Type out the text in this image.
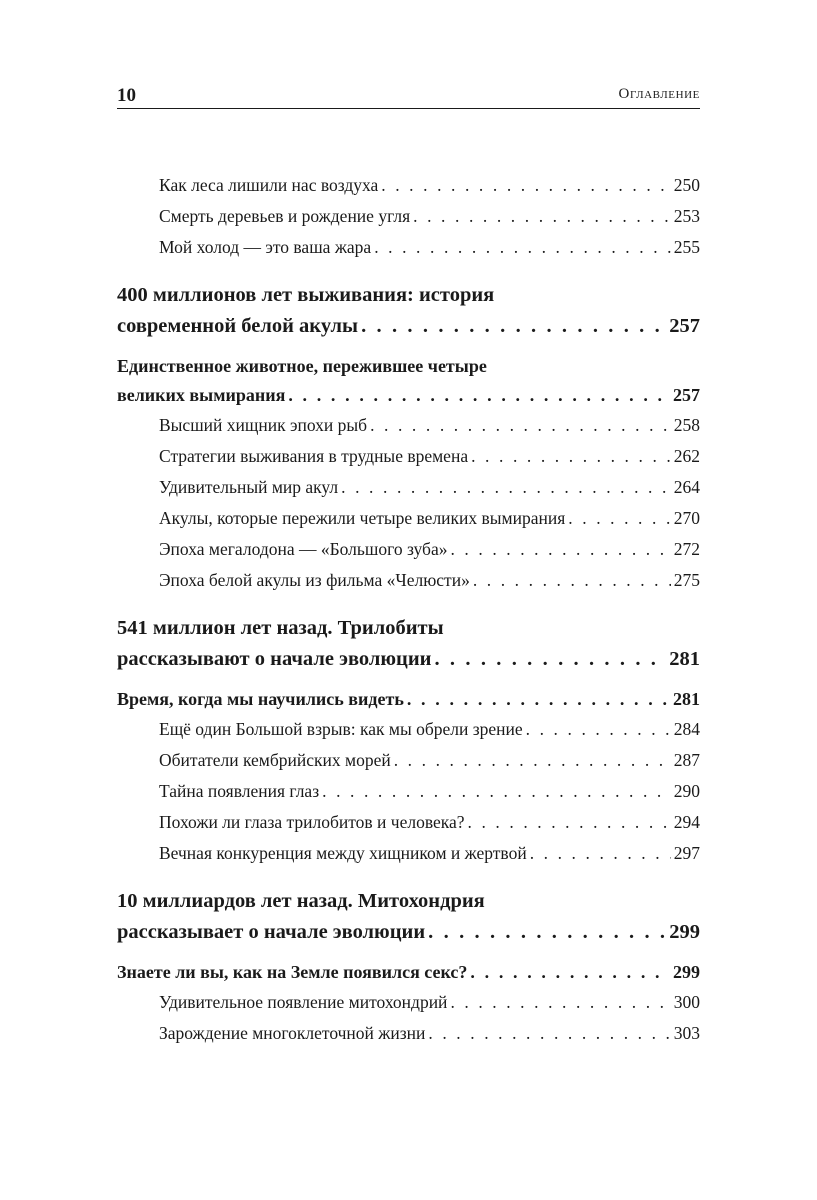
10	Оглавление
Как леса лишили нас воздуха . . .	250
Смерть деревьев и рождение угля . . .	253
Мой холод — это ваша жара . . .	255
400 миллионов лет выживания: история
современной белой акулы . . .	257
Единственное животное, пережившее четыре
великих вымирания . . .	257
Высший хищник эпохи рыб . . .	258
Стратегии выживания в трудные времена . . .	262
Удивительный мир акул . . .	264
Акулы, которые пережили четыре великих вымирания . . .	270
Эпоха мегалодона — «Большого зуба» . . .	272
Эпоха белой акулы из фильма «Челюсти» . . .	275
541 миллион лет назад. Трилобиты
рассказывают о начале эволюции . . .	281
Время, когда мы научились видеть . . .	281
Ещё один Большой взрыв: как мы обрели зрение . . .	284
Обитатели кембрийских морей . . .	287
Тайна появления глаз . . .	290
Похожи ли глаза трилобитов и человека? . . .	294
Вечная конкуренция между хищником и жертвой . . .	297
10 миллиардов лет назад. Митохондрия
рассказывает о начале эволюции . . .	299
Знаете ли вы, как на Земле появился секс? . . .	299
Удивительное появление митохондрий . . .	300
Зарождение многоклеточной жизни . . .	303
